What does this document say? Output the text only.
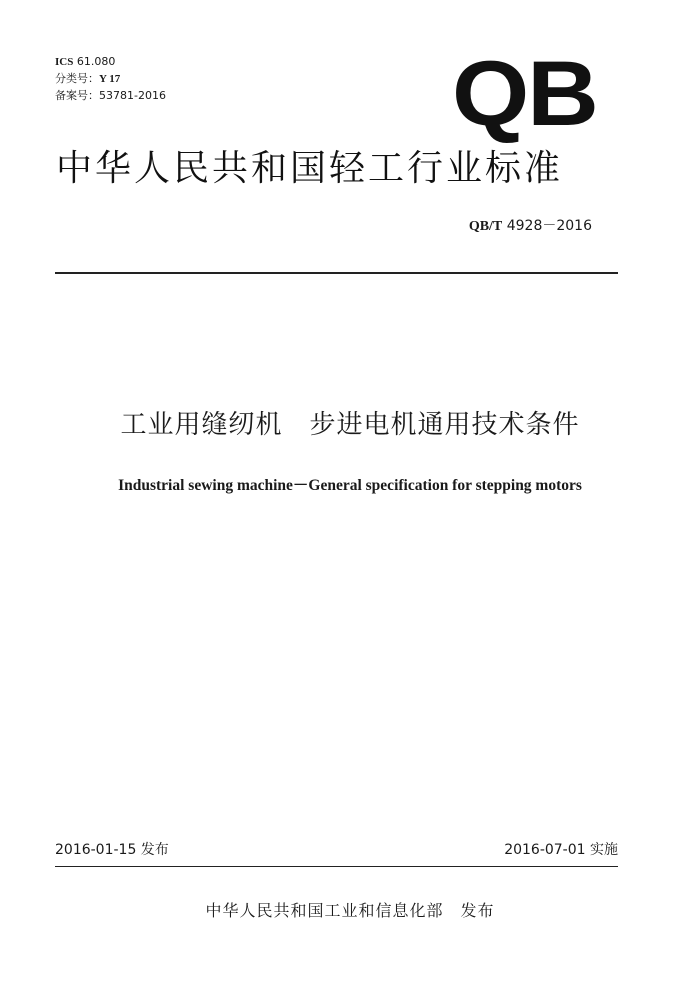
ICS 61.080
分类号：Y 17
备案号：53781-2016	QB
中华人民共和国轻工行业标准
QB/T 4928－2016
工业用缝纫机　步进电机通用技术条件
Industrial sewing machine－General specification for stepping motors
2016-01-15 发布	2016-07-01 实施
中华人民共和国工业和信息化部　发布
